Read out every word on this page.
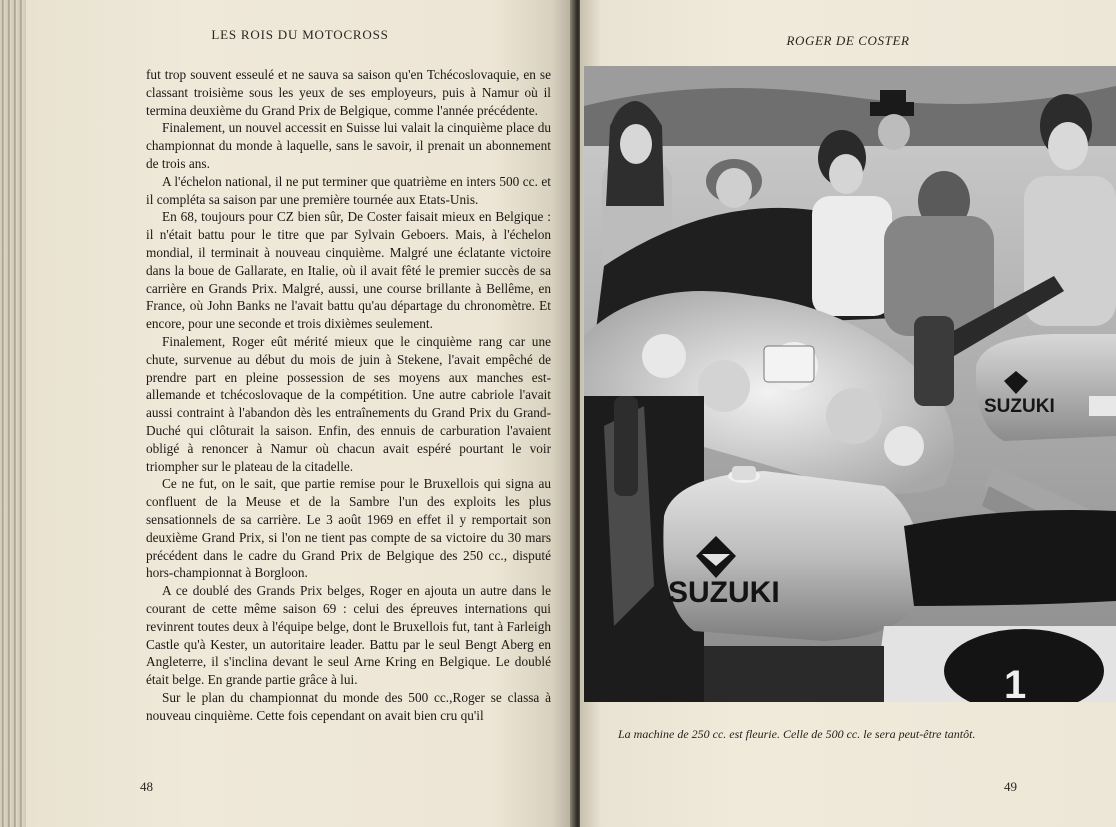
LES ROIS DU MOTOCROSS

fut trop souvent esseulé et ne sauva sa saison qu'en Tchécoslovaquie, en se classant troisième sous les yeux de ses employeurs, puis à Namur où il termina deuxième du Grand Prix de Belgique, comme l'année précédente.

Finalement, un nouvel accessit en Suisse lui valait la cinquième place du championnat du monde à laquelle, sans le savoir, il prenait un abonnement de trois ans.

A l'échelon national, il ne put terminer que quatrième en inters 500 cc. et il compléta sa saison par une première tournée aux Etats-Unis.

En 68, toujours pour CZ bien sûr, De Coster faisait mieux en Belgique : il n'était battu pour le titre que par Sylvain Geboers. Mais, à l'échelon mondial, il terminait à nouveau cinquième. Malgré une éclatante victoire dans la boue de Gallarate, en Italie, où il avait fêté le premier succès de sa carrière en Grands Prix. Malgré, aussi, une course brillante à Bellême, en France, où John Banks ne l'avait battu qu'au départage du chronomètre. Et encore, pour une seconde et trois dixièmes seulement.

Finalement, Roger eût mérité mieux que le cinquième rang car une chute, survenue au début du mois de juin à Stekene, l'avait empêché de prendre part en pleine possession de ses moyens aux manches est-allemande et tchécoslovaque de la compétition. Une autre cabriole l'avait aussi contraint à l'abandon dès les entraînements du Grand Prix du Grand-Duché qui clôturait la saison. Enfin, des ennuis de carburation l'avaient obligé à renoncer à Namur où chacun avait espéré pourtant le voir triompher sur le plateau de la citadelle.

Ce ne fut, on le sait, que partie remise pour le Bruxellois qui signa au confluent de la Meuse et de la Sambre l'un des exploits les plus sensationnels de sa carrière. Le 3 août 1969 en effet il y remportait son deuxième Grand Prix, si l'on ne tient pas compte de sa victoire du 30 mars précédent dans le cadre du Grand Prix de Belgique des 250 cc., disputé hors-championnat à Borgloon.

A ce doublé des Grands Prix belges, Roger en ajouta un autre dans le courant de cette même saison 69 : celui des épreuves internations qui revinrent toutes deux à l'équipe belge, dont le Bruxellois fut, tant à Farleigh Castle qu'à Kester, un autoritaire leader. Battu par le seul Bengt Aberg en Angleterre, il s'inclina devant le seul Arne Kring en Belgique. Le doublé était belge. En grande partie grâce à lui.

Sur le plan du championnat du monde des 500 cc.,Roger se classa à nouveau cinquième. Cette fois cependant on avait bien cru qu'il

48
ROGER DE COSTER
SUZUKI
SUZUKI
1
La machine de 250 cc. est fleurie. Celle de 500 cc. le sera peut-être tantôt.
49
